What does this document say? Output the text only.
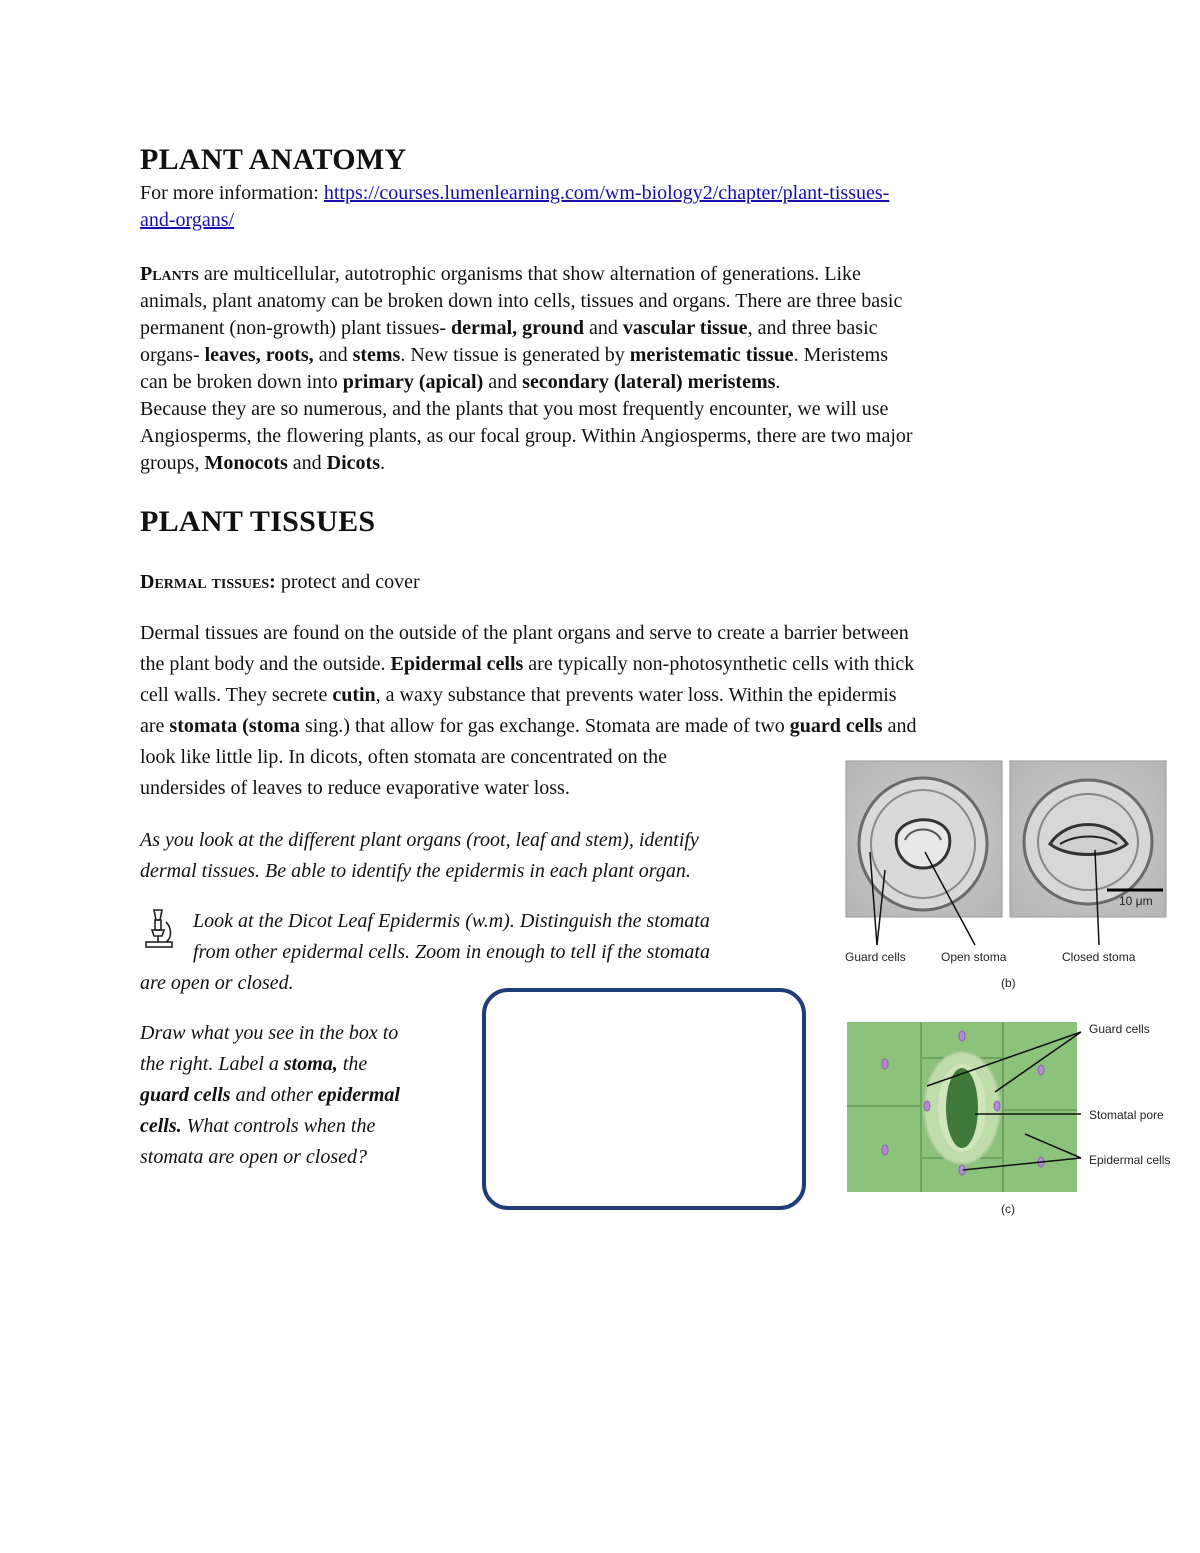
PLANT ANATOMY
For more information: https://courses.lumenlearning.com/wm-biology2/chapter/plant-tissues-
and-organs/
Plants are multicellular, autotrophic organisms that show alternation of generations. Like
animals, plant anatomy can be broken down into cells, tissues and organs. There are three basic
permanent (non-growth) plant tissues- dermal, ground and vascular tissue, and three basic
organs- leaves, roots, and stems. New tissue is generated by meristematic tissue. Meristems
can be broken down into primary (apical) and secondary (lateral) meristems.
Because they are so numerous, and the plants that you most frequently encounter, we will use
Angiosperms, the flowering plants, as our focal group. Within Angiosperms, there are two major
groups, Monocots and Dicots.
PLANT TISSUES
Dermal tissues: protect and cover
Dermal tissues are found on the outside of the plant organs and serve to create a barrier between
the plant body and the outside. Epidermal cells are typically non-photosynthetic cells with thick
cell walls. They secrete cutin, a waxy substance that prevents water loss. Within the epidermis
are stomata (stoma sing.) that allow for gas exchange. Stomata are made of two guard cells and
look like little lip. In dicots, often stomata are concentrated on the
undersides of leaves to reduce evaporative water loss.
As you look at the different plant organs (root, leaf and stem), identify
dermal tissues. Be able to identify the epidermis in each plant organ.
Look at the Dicot Leaf Epidermis (w.m). Distinguish the stomata
from other epidermal cells. Zoom in enough to tell if the stomata
are open or closed.
Draw what you see in the box to
the right. Label a stoma, the
guard cells and other epidermal
cells. What controls when the
stomata are open or closed?
10 μm
Guard cells	Open stoma	Closed stoma
(b)
Guard cells
Stomatal pore
Epidermal cells
(c)
